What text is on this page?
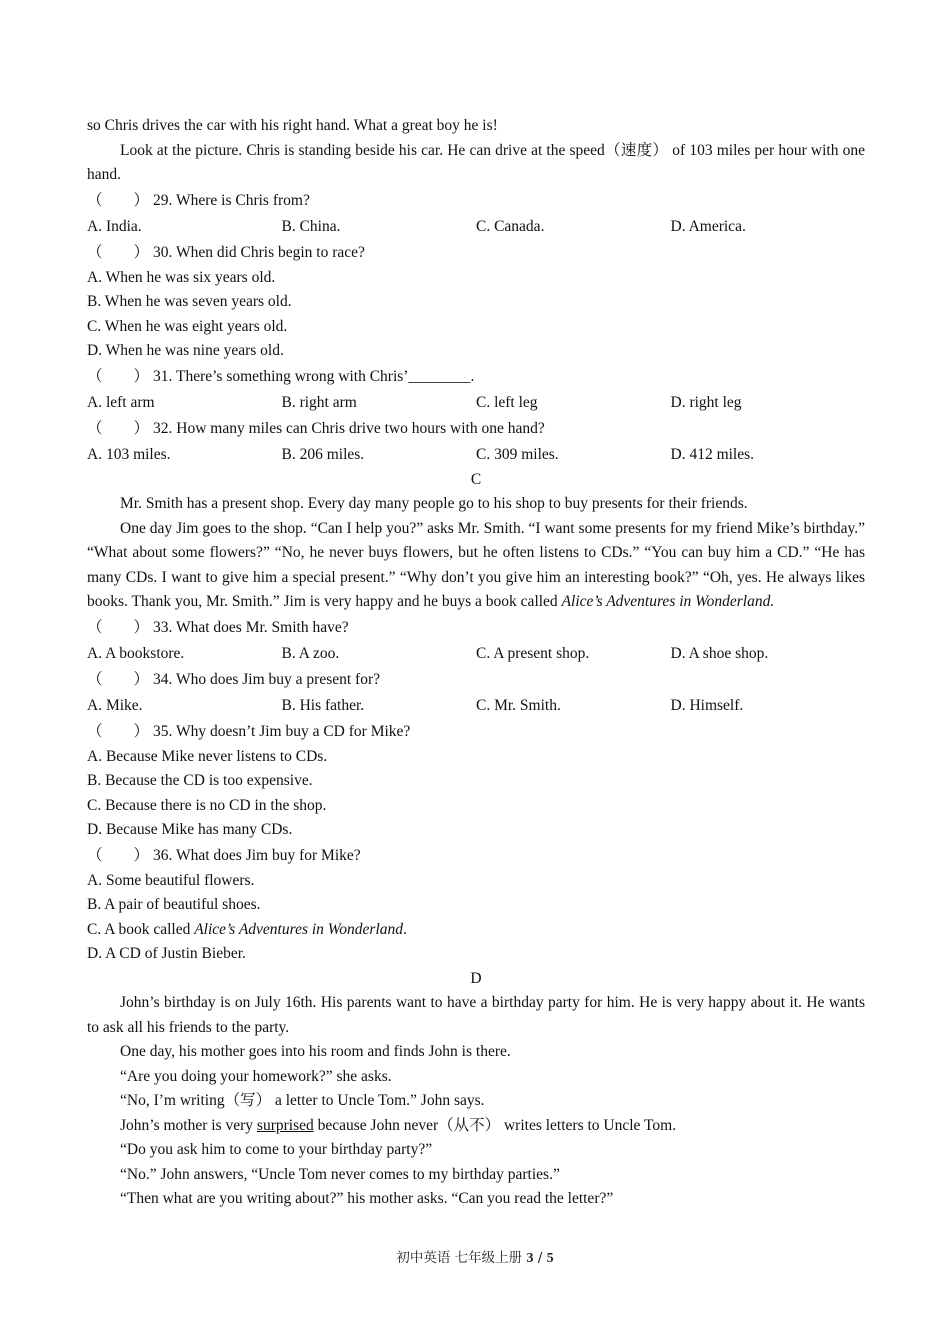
so Chris drives the car with his right hand. What a great boy he is!

Look at the picture. Chris is standing beside his car. He can drive at the speed（速度） of 103 miles per hour with one hand.

（　　） 29. Where is Chris from?

A. India.	B. China.	C. Canada.	D. America.

（　　） 30. When did Chris begin to race?

A. When he was six years old.

B. When he was seven years old.

C. When he was eight years old.

D. When he was nine years old.

（　　） 31. There’s something wrong with Chris’________.

A. left arm	B. right arm	C. left leg	D. right leg

（　　） 32. How many miles can Chris drive two hours with one hand?

A. 103 miles.	B. 206 miles.	C. 309 miles.	D. 412 miles.

C

Mr. Smith has a present shop. Every day many people go to his shop to buy presents for their friends.

One day Jim goes to the shop. “Can I help you?” asks Mr. Smith. “I want some presents for my friend Mike’s birthday.” “What about some flowers?” “No, he never buys flowers, but he often listens to CDs.” “You can buy him a CD.” “He has many CDs. I want to give him a special present.” “Why don’t you give him an interesting book?” “Oh, yes. He always likes books. Thank you, Mr. Smith.” Jim is very happy and he buys a book called Alice’s Adventures in Wonderland.

（　　） 33. What does Mr. Smith have?

A. A bookstore.	B. A zoo.	C. A present shop.	D. A shoe shop.

（　　） 34. Who does Jim buy a present for?

A. Mike.	B. His father.	C. Mr. Smith.	D. Himself.

（　　） 35. Why doesn’t Jim buy a CD for Mike?

A. Because Mike never listens to CDs.

B. Because the CD is too expensive.

C. Because there is no CD in the shop.

D. Because Mike has many CDs.

（　　） 36. What does Jim buy for Mike?

A. Some beautiful flowers.

B. A pair of beautiful shoes.

C. A book called Alice’s Adventures in Wonderland.

D. A CD of Justin Bieber.

D

John’s birthday is on July 16th. His parents want to have a birthday party for him. He is very happy about it. He wants to ask all his friends to the party.

One day, his mother goes into his room and finds John is there.

“Are you doing your homework?” she asks.

“No, I’m writing（写） a letter to Uncle Tom.” John says.

John’s mother is very surprised because John never（从不） writes letters to Uncle Tom.

“Do you ask him to come to your birthday party?”

“No.” John answers, “Uncle Tom never comes to my birthday parties.”

“Then what are you writing about?” his mother asks. “Can you read the letter?”

初中英语 七年级上册 3 / 5
